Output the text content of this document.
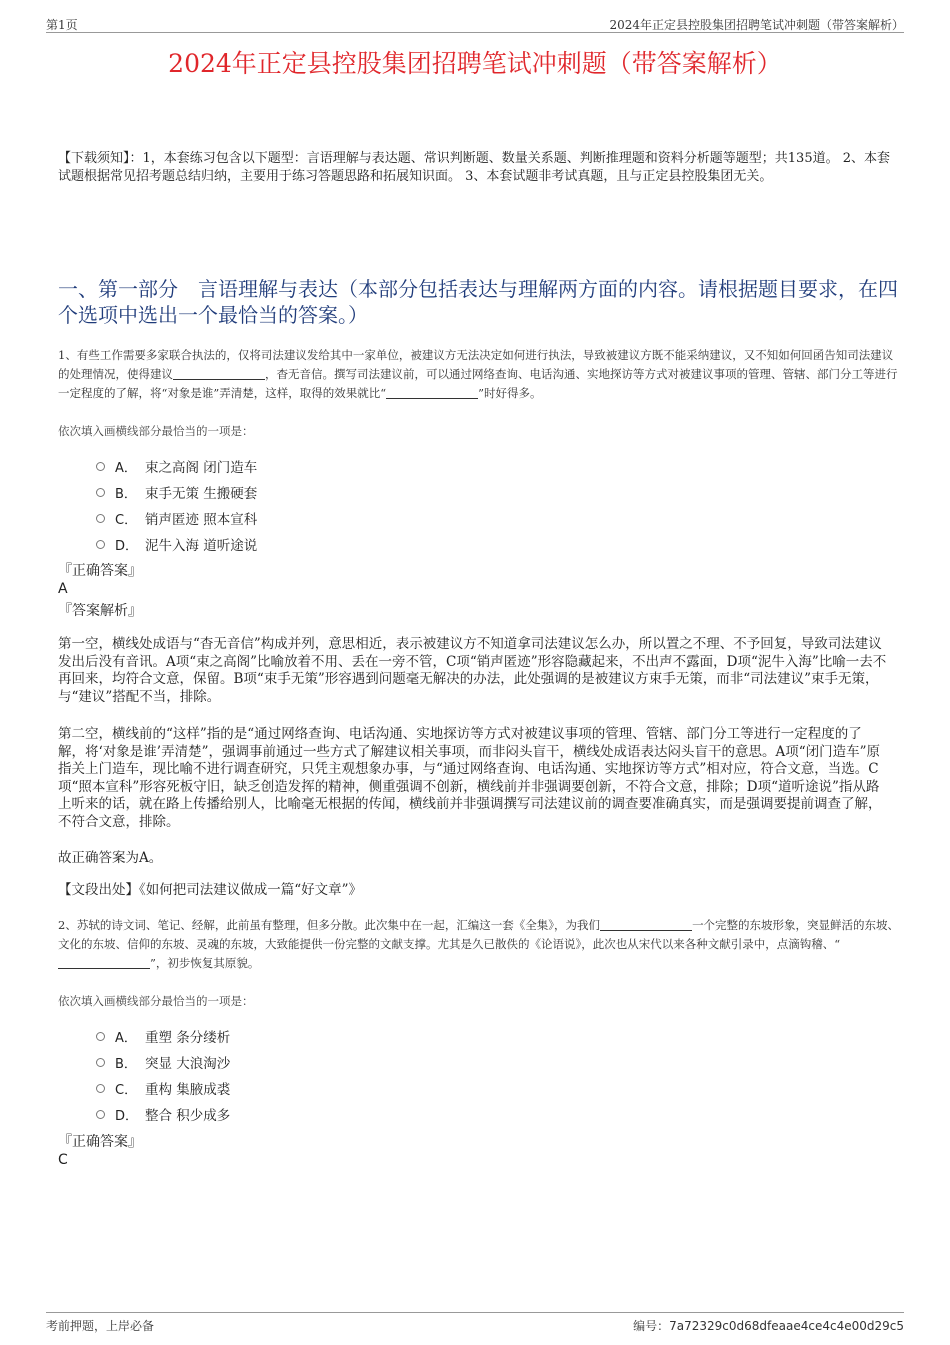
第1页	2024年正定县控股集团招聘笔试冲刺题（带答案解析）
2024年正定县控股集团招聘笔试冲刺题（带答案解析）
【下载须知】：1，本套练习包含以下题型：言语理解与表达题、常识判断题、数量关系题、判断推理题和资料分析题等题型；共135道。 2、本套试题根据常见招考题总结归纳，主要用于练习答题思路和拓展知识面。 3、本套试题非考试真题，且与正定县控股集团无关。
一、第一部分　言语理解与表达（本部分包括表达与理解两方面的内容。请根据题目要求，在四个选项中选出一个最恰当的答案。）
1、有些工作需要多家联合执法的，仅将司法建议发给其中一家单位，被建议方无法决定如何进行执法，导致被建议方既不能采纳建议，又不知如何回函告知司法建议的处理情况，使得建议	，杳无音信。撰写司法建议前，可以通过网络查询、电话沟通、实地探访等方式对被建议事项的管理、管辖、部门分工等进行一定程度的了解，将“对象是谁”弄清楚，这样，取得的效果就比“	”时好得多。
依次填入画横线部分最恰当的一项是：
A． 束之高阁 闭门造车
B． 束手无策 生搬硬套
C． 销声匿迹 照本宣科
D． 泥牛入海 道听途说
『正确答案』
A
『答案解析』
第一空，横线处成语与“杳无音信”构成并列，意思相近，表示被建议方不知道拿司法建议怎么办，所以置之不理、不予回复，导致司法建议发出后没有音讯。A项“束之高阁”比喻放着不用、丢在一旁不管，C项“销声匿迹”形容隐藏起来，不出声不露面，D项“泥牛入海”比喻一去不再回来，均符合文意，保留。B项“束手无策”形容遇到问题毫无解决的办法，此处强调的是被建议方束手无策，而非“司法建议”束手无策，与“建议”搭配不当，排除。
第二空，横线前的“这样”指的是“通过网络查询、电话沟通、实地探访等方式对被建议事项的管理、管辖、部门分工等进行一定程度的了解，将‘对象是谁’弄清楚”，强调事前通过一些方式了解建议相关事项，而非闷头盲干，横线处成语表达闷头盲干的意思。A项“闭门造车”原指关上门造车，现比喻不进行调查研究，只凭主观想象办事，与“通过网络查询、电话沟通、实地探访等方式”相对应，符合文意，当选。C项“照本宣科”形容死板守旧，缺乏创造发挥的精神，侧重强调不创新，横线前并非强调要创新，不符合文意，排除；D项“道听途说”指从路上听来的话，就在路上传播给别人，比喻毫无根据的传闻，横线前并非强调撰写司法建议前的调查要准确真实，而是强调要提前调查了解，不符合文意，排除。
故正确答案为A。
【文段出处】《如何把司法建议做成一篇“好文章”》
2、苏轼的诗文词、笔记、经解，此前虽有整理，但多分散。此次集中在一起，汇编这一套《全集》，为我们	一个完整的东坡形象，突显鲜活的东坡、文化的东坡、信仰的东坡、灵魂的东坡，大致能提供一份完整的文献支撑。尤其是久已散佚的《论语说》，此次也从宋代以来各种文献引录中，点滴钩稽、“”，初步恢复其原貌。
依次填入画横线部分最恰当的一项是：
A． 重塑 条分缕析
B． 突显 大浪淘沙
C． 重构 集腋成裘
D． 整合 积少成多
『正确答案』
C
考前押题，上岸必备	编号：7a72329c0d68dfeaae4ce4c4e00d29c5
